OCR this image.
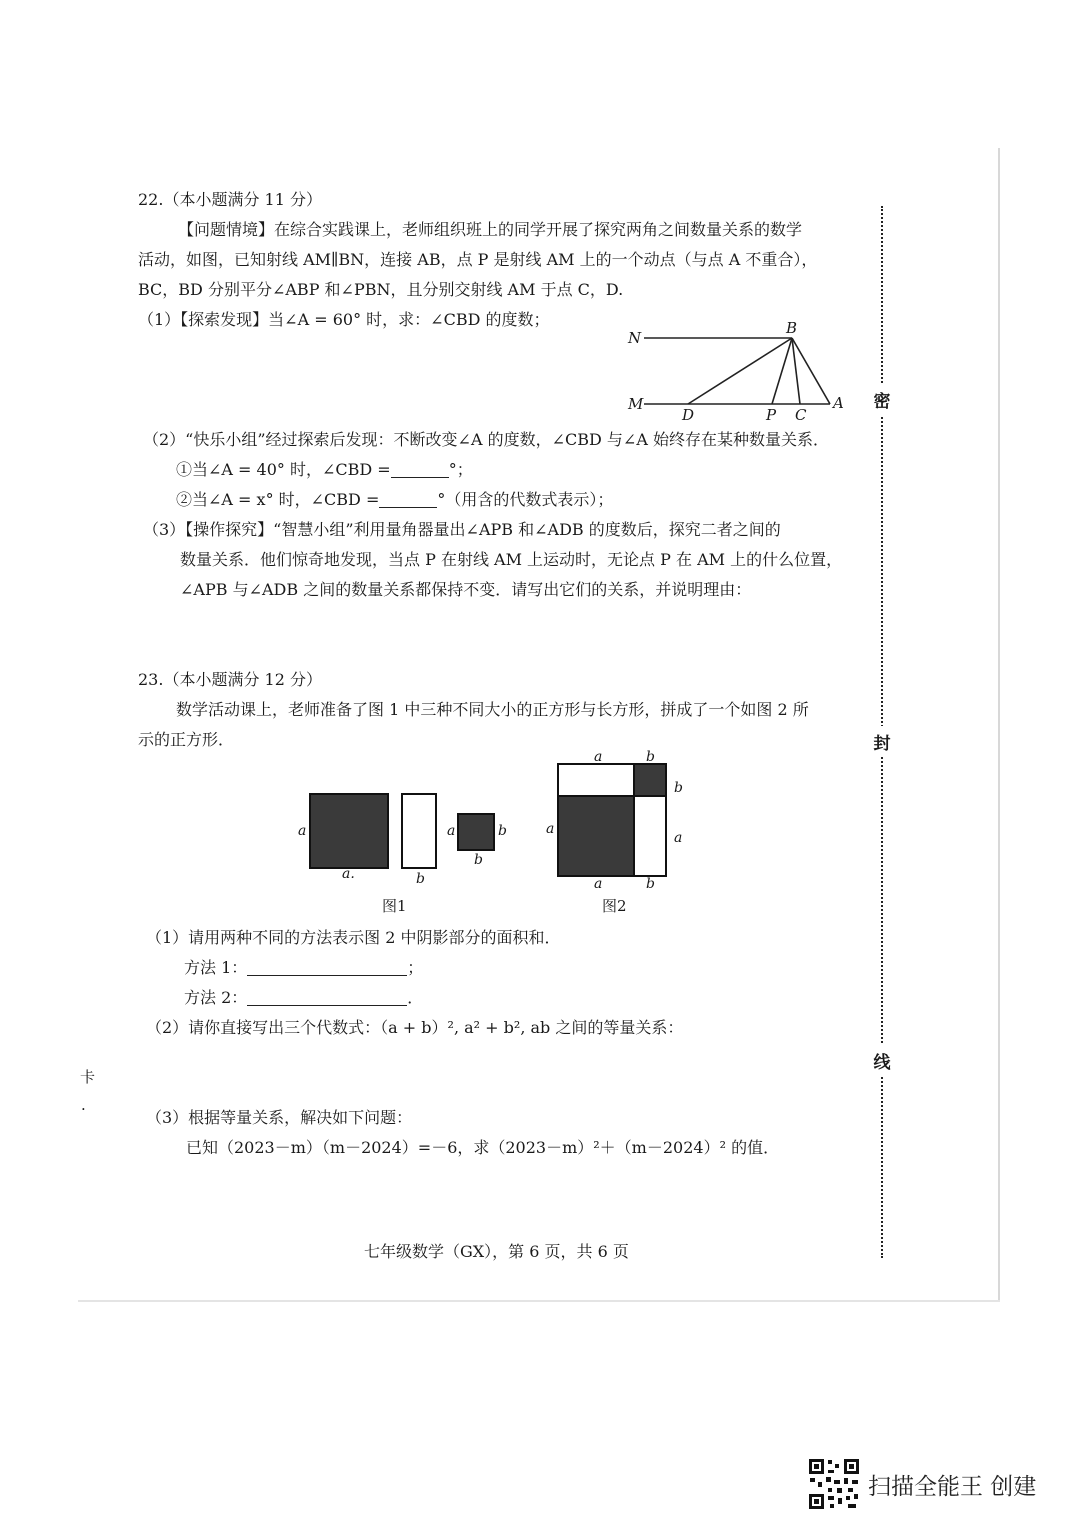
密
封
线
22.（本小题满分 11 分）
【问题情境】在综合实践课上，老师组织班上的同学开展了探究两角之间数量关系的数学
活动，如图，已知射线 AM∥BN，连接 AB，点 P 是射线 AM 上的一个动点（与点 A 不重合），
BC，BD 分别平分∠ABP 和∠PBN，且分别交射线 AM 于点 C，D.
（1）【探索发现】当∠A = 60° 时，求：∠CBD 的度数；
N
B
M
D	P C
A
（2）“快乐小组”经过探索后发现：不断改变∠A 的度数，∠CBD 与∠A 始终存在某种数量关系．
①当∠A = 40° 时，∠CBD =	°；
②当∠A = x° 时，∠CBD =	°（用含的代数式表示）；
（3）【操作探究】“智慧小组”利用量角器量出∠APB 和∠ADB 的度数后，探究二者之间的
数量关系．他们惊奇地发现，当点 P 在射线 AM 上运动时，无论点 P 在 AM 上的什么位置，
∠APB 与∠ADB 之间的数量关系都保持不变．请写出它们的关系，并说明理由：
23.（本小题满分 12 分）
数学活动课上，老师准备了图 1 中三种不同大小的正方形与长方形，拼成了一个如图 2 所
示的正方形．
a
a.	b
a	b
b
图1
a	b
b
a
a
a	b
图2
（1）请用两种不同的方法表示图 2 中阴影部分的面积和．
方法 1：	；
方法 2：	．
（2）请你直接写出三个代数式：（a + b）², a² + b², ab 之间的等量关系：
卡
·	（3）根据等量关系，解决如下问题：
已知（2023－m）（m－2024）=－6，求（2023－m）²＋（m－2024）² 的值．
七年级数学（GX），第 6 页，共 6 页
扫描全能王 创建
